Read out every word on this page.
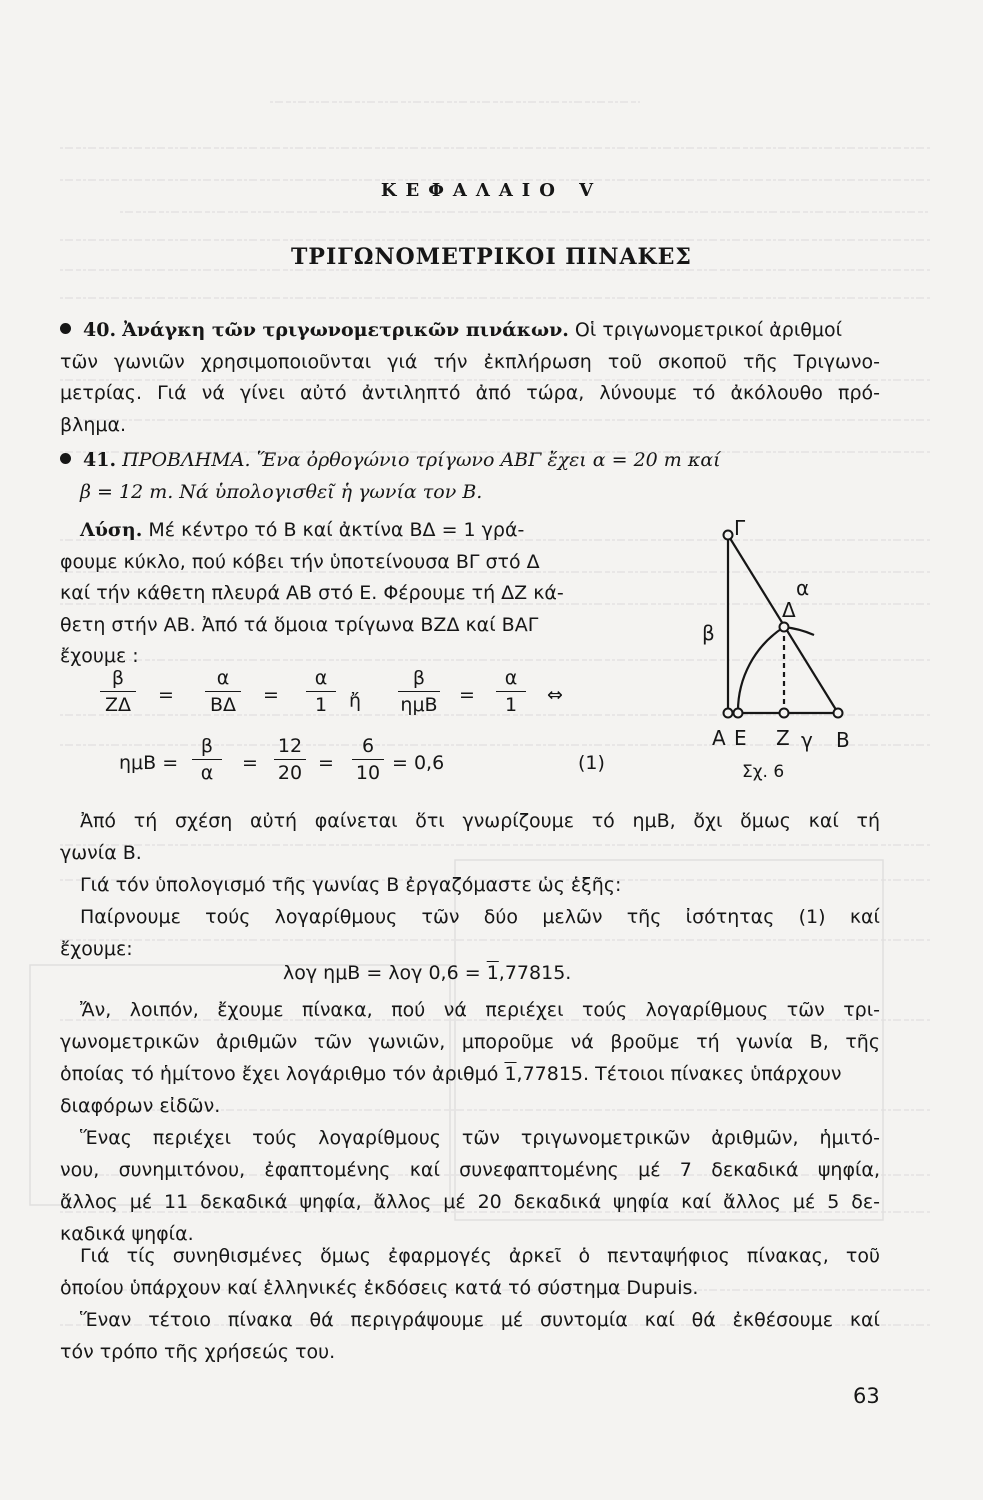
ΚΕΦΑΛΑΙΟ V
ΤΡΙΓΩΝΟΜΕΤΡΙΚΟΙ ΠΙΝΑΚΕΣ
40. Ἀνάγκη τῶν τριγωνομετρικῶν πινάκων. Οἱ τριγωνομετρικοί ἀριθμοί
τῶν γωνιῶν χρησιμοποιοῦνται γιά τήν ἐκπλήρωση τοῦ σκοποῦ τῆς Τριγωνο-
μετρίας. Γιά νά γίνει αὐτό ἀντιληπτό ἀπό τώρα, λύνουμε τό ἀκόλουθο πρό-
βλημα.
41. ΠΡΟΒΛΗΜΑ. Ἕνα ὀρθογώνιο τρίγωνο ΑΒΓ ἔχει α = 20 m καί
β = 12 m. Νά ὑπολογισθεῖ ἡ γωνία τον Β.
Λύση. Μέ κέντρο τό Β καί ἀκτίνα ΒΔ = 1 γρά-
φουμε κύκλο, πού κόβει τήν ὑποτείνουσα ΒΓ στό Δ
καί τήν κάθετη πλευρά ΑΒ στό Ε. Φέρουμε τή ΔΖ κά-
θετη στήν ΑΒ. Ἀπό τά ὅμοια τρίγωνα ΒΖΔ καί ΒΑΓ
ἔχουμε :
β
ΖΔ =
α
ΒΔ =
α
1	ἤ
β
ημΒ =
α
1	⇔
ημΒ =
β
α	=
12
20 =
6
10 = 0,6	(1)
Γ
α
β
Δ
Α Ε Ζ γ Β
Σχ. 6
Ἀπό τή σχέση αὐτή φαίνεται ὅτι γνωρίζουμε τό ημΒ, ὄχι ὅμως καί τή
γωνία Β.
Γιά τόν ὑπολογισμό τῆς γωνίας Β ἐργαζόμαστε ὡς ἑξῆς:
Παίρνουμε τούς λογαρίθμους τῶν δύο μελῶν τῆς ἰσότητας (1) καί
ἔχουμε:
λογ ημΒ = λογ 0,6 = 1,77815.
Ἄν, λοιπόν, ἔχουμε πίνακα, πού νά περιέχει τούς λογαρίθμους τῶν τρι-
γωνομετρικῶν ἀριθμῶν τῶν γωνιῶν, μποροῦμε νά βροῦμε τή γωνία Β, τῆς
ὁποίας τό ἡμίτονο ἔχει λογάριθμο τόν ἀριθμό 1,77815. Τέτοιοι πίνακες ὑπάρχουν
διαφόρων εἰδῶν.
Ἕνας περιέχει τούς λογαρίθμους τῶν τριγωνομετρικῶν ἀριθμῶν, ἡμιτό-
νου, συνημιτόνου, ἐφαπτομένης καί συνεφαπτομένης μέ 7 δεκαδικά ψηφία,
ἄλλος μέ 11 δεκαδικά ψηφία, ἄλλος μέ 20 δεκαδικά ψηφία καί ἄλλος μέ 5 δε-
καδικά ψηφία.
Γιά τίς συνηθισμένες ὅμως ἐφαρμογές ἀρκεῖ ὁ πενταψήφιος πίνακας, τοῦ
ὁποίου ὑπάρχουν καί ἑλληνικές ἐκδόσεις κατά τό σύστημα Dupuis.
Ἕναν τέτοιο πίνακα θά περιγράψουμε μέ συντομία καί θά ἐκθέσουμε καί
τόν τρόπο τῆς χρήσεώς του.
63
